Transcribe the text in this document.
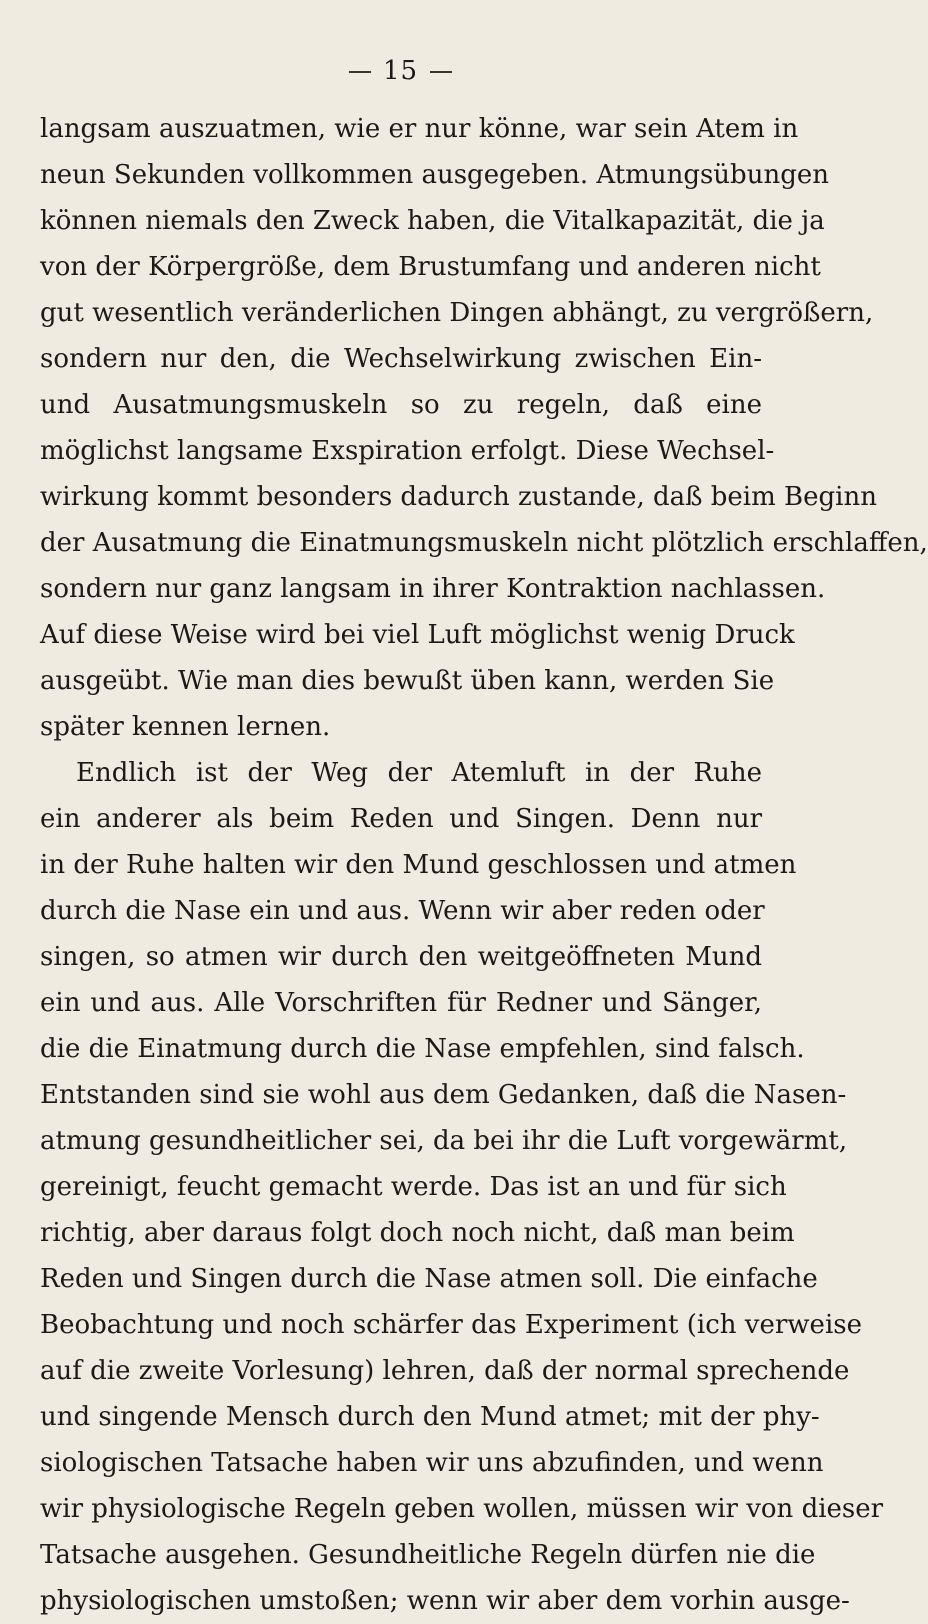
15
langsam auszuatmen, wie er nur könne, war sein Atem in
neun Sekunden vollkommen ausgegeben. Atmungsübungen
können niemals den Zweck haben, die Vitalkapazität, die ja
von der Körpergröße, dem Brustumfang und anderen nicht
gut wesentlich veränderlichen Dingen abhängt, zu vergrößern,
sondern nur den, die Wechselwirkung zwischen Ein-
und Ausatmungsmuskeln so zu regeln, daß eine
möglichst langsame Exspiration erfolgt. Diese Wechsel-
wirkung kommt besonders dadurch zustande, daß beim Beginn
der Ausatmung die Einatmungsmuskeln nicht plötzlich erschlaffen,
sondern nur ganz langsam in ihrer Kontraktion nachlassen.
Auf diese Weise wird bei viel Luft möglichst wenig Druck
ausgeübt. Wie man dies bewußt üben kann, werden Sie
später kennen lernen.
Endlich ist der Weg der Atemluft in der Ruhe
ein anderer als beim Reden und Singen. Denn nur
in der Ruhe halten wir den Mund geschlossen und atmen
durch die Nase ein und aus. Wenn wir aber reden oder
singen, so atmen wir durch den weitgeöffneten Mund
ein und aus. Alle Vorschriften für Redner und Sänger,
die die Einatmung durch die Nase empfehlen, sind falsch.
Entstanden sind sie wohl aus dem Gedanken, daß die Nasen-
atmung gesundheitlicher sei, da bei ihr die Luft vorgewärmt,
gereinigt, feucht gemacht werde. Das ist an und für sich
richtig, aber daraus folgt doch noch nicht, daß man beim
Reden und Singen durch die Nase atmen soll. Die einfache
Beobachtung und noch schärfer das Experiment (ich verweise
auf die zweite Vorlesung) lehren, daß der normal sprechende
und singende Mensch durch den Mund atmet; mit der phy-
siologischen Tatsache haben wir uns abzufinden, und wenn
wir physiologische Regeln geben wollen, müssen wir von dieser
Tatsache ausgehen. Gesundheitliche Regeln dürfen nie die
physiologischen umstoßen; wenn wir aber dem vorhin ausge-
